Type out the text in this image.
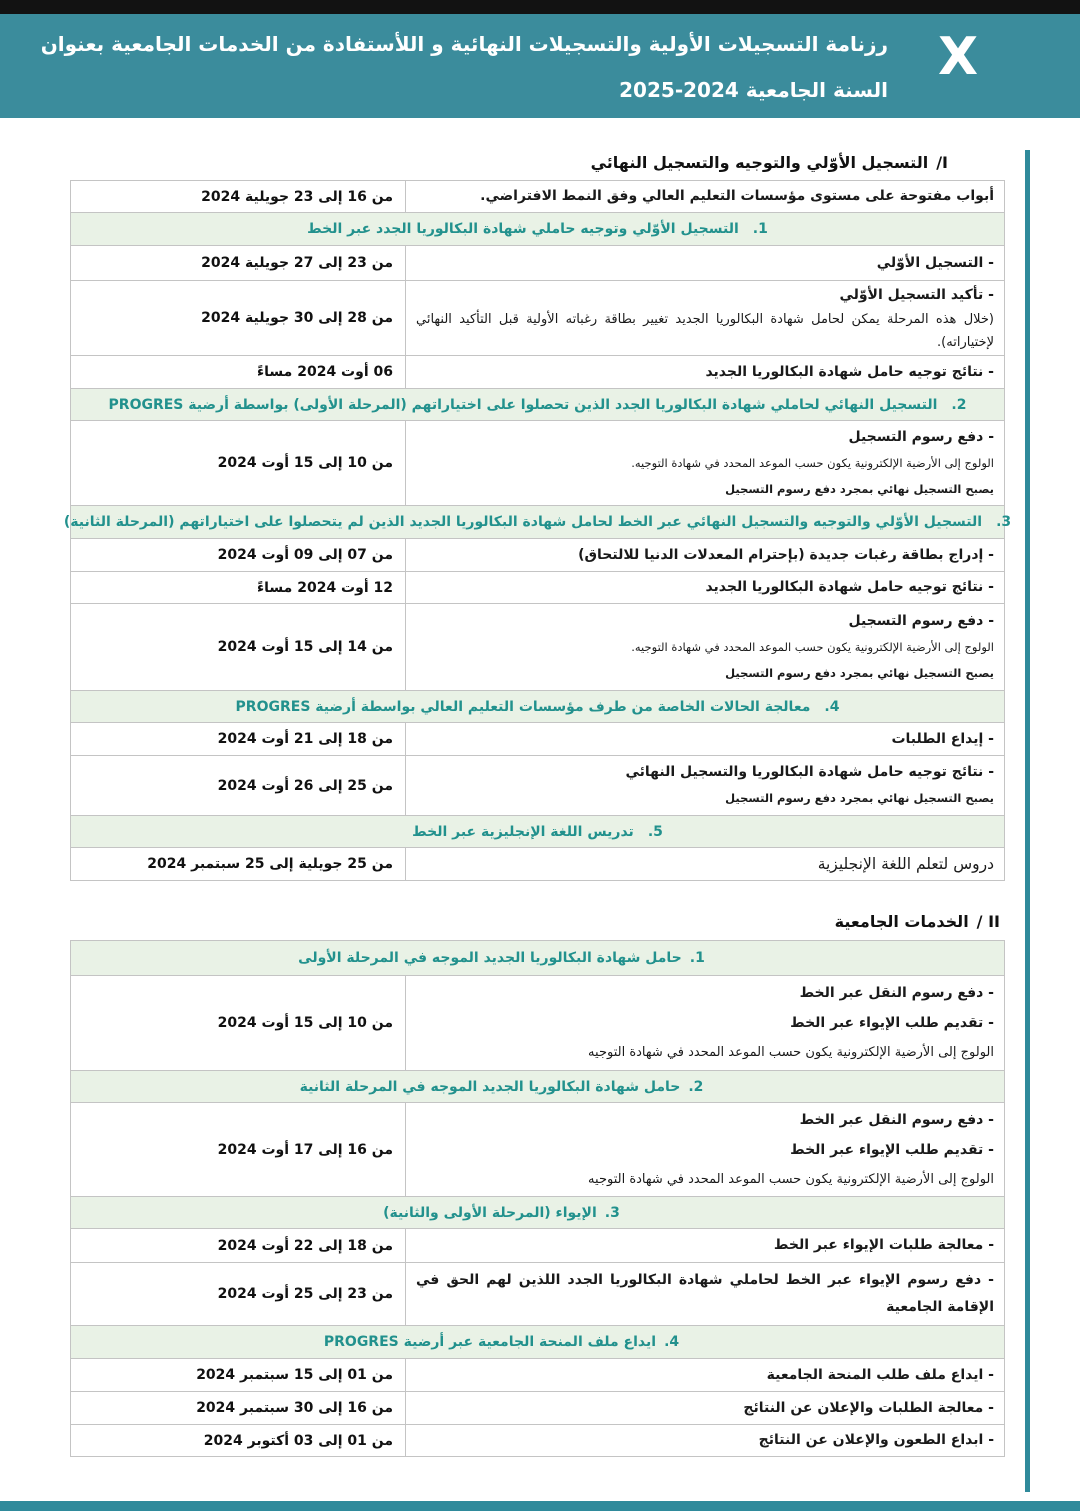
رزنامة التسجيلات الأولية والتسجيلات النهائية و اللأستفادة من الخدمات الجامعية بعنوان
السنة الجامعية 2024-2025
X
I/التسجيل الأوّلي والتوجيه والتسجيل النهائي
أبواب مفتوحة على مستوى مؤسسات التعليم العالي وفق النمط الافتراضي.
من 16 إلى 23 جويلية 2024
1.
التسجيل الأوّلي وتوجيه حاملي شهادة البكالوريا الجدد عبر الخط
- التسجيل الأوّلي
من 23 إلى 27 جويلية 2024
- تأكيد التسجيل الأوّلي
(خلال هذه المرحلة يمكن لحامل شهادة البكالوريا الجديد تغيير بطاقة رغباته الأولية قبل التأكيد النهائي لإختياراته).
من 28 إلى 30 جويلية 2024
- نتائج توجيه حامل شهادة البكالوريا الجديد
06 أوت 2024 مساءً
2.
التسجيل النهائي لحاملي شهادة البكالوريا الجدد الذين تحصلوا على اختياراتهم (المرحلة الأولى) بواسطة أرضية PROGRES
- دفع رسوم التسجيل
الولوج إلى الأرضية الإلكترونية يكون حسب الموعد المحدد في شهادة التوجيه.
يصبح التسجيل نهائي بمجرد دفع رسوم التسجيل
من 10 إلى 15 أوت 2024
3.
التسجيل الأوّلي والتوجيه والتسجيل النهائي عبر الخط لحامل شهادة البكالوريا الجديد الذين لم يتحصلوا على اختياراتهم (المرحلة الثانية)
- إدراج بطاقة رغبات جديدة (بإحترام المعدلات الدنيا للالتحاق)
من 07 إلى 09 أوت 2024
- نتائج توجيه حامل شهادة البكالوريا الجديد
12 أوت 2024 مساءً
- دفع رسوم التسجيل
الولوج إلى الأرضية الإلكترونية يكون حسب الموعد المحدد في شهادة التوجيه.
يصبح التسجيل نهائي بمجرد دفع رسوم التسجيل
من 14 إلى 15 أوت 2024
4.
معالجة الحالات الخاصة من طرف مؤسسات التعليم العالي بواسطة أرضية PROGRES
- إيداع الطلبات
من 18 إلى 21 أوت 2024
- نتائج توجيه حامل شهادة البكالوريا والتسجيل النهائي
يصبح التسجيل نهائي بمجرد دفع رسوم التسجيل
من 25 إلى 26 أوت 2024
5.
تدريس اللغة الإنجليزية عبر الخط
دروس لتعلم اللغة الإنجليزية
من 25 جويلية إلى 25 سبتمبر 2024
II /الخدمات الجامعية
1.
حامل شهادة البكالوريا الجديد الموجه في المرحلة الأولى
- دفع رسوم النقل عبر الخط
- تقديم طلب الإيواء عبر الخط
الولوج إلى الأرضية الإلكترونية يكون حسب الموعد المحدد في شهادة التوجيه
من 10 إلى 15 أوت 2024
2.
حامل شهادة البكالوريا الجديد الموجه في المرحلة الثانية
- دفع رسوم النقل عبر الخط
- تقديم طلب الإيواء عبر الخط
الولوج إلى الأرضية الإلكترونية يكون حسب الموعد المحدد في شهادة التوجيه
من 16 إلى 17 أوت 2024
3.
الإيواء (المرحلة الأولى والثانية)
- معالجة طلبات الإيواء عبر الخط
من 18 إلى 22 أوت 2024
- دفع رسوم الإيواء عبر الخط لحاملي شهادة البكالوريا الجدد اللذين لهم الحق في الإقامة الجامعية
من 23 إلى 25 أوت 2024
4.
ايداع ملف المنحة الجامعية عبر أرضية PROGRES
- ايداع ملف طلب المنحة الجامعية
من 01 إلى 15 سبتمبر 2024
- معالجة الطلبات والإعلان عن النتائج
من 16 إلى 30 سبتمبر 2024
- ابداع الطعون والإعلان عن النتائج
من 01 إلى 03 أكتوبر 2024
